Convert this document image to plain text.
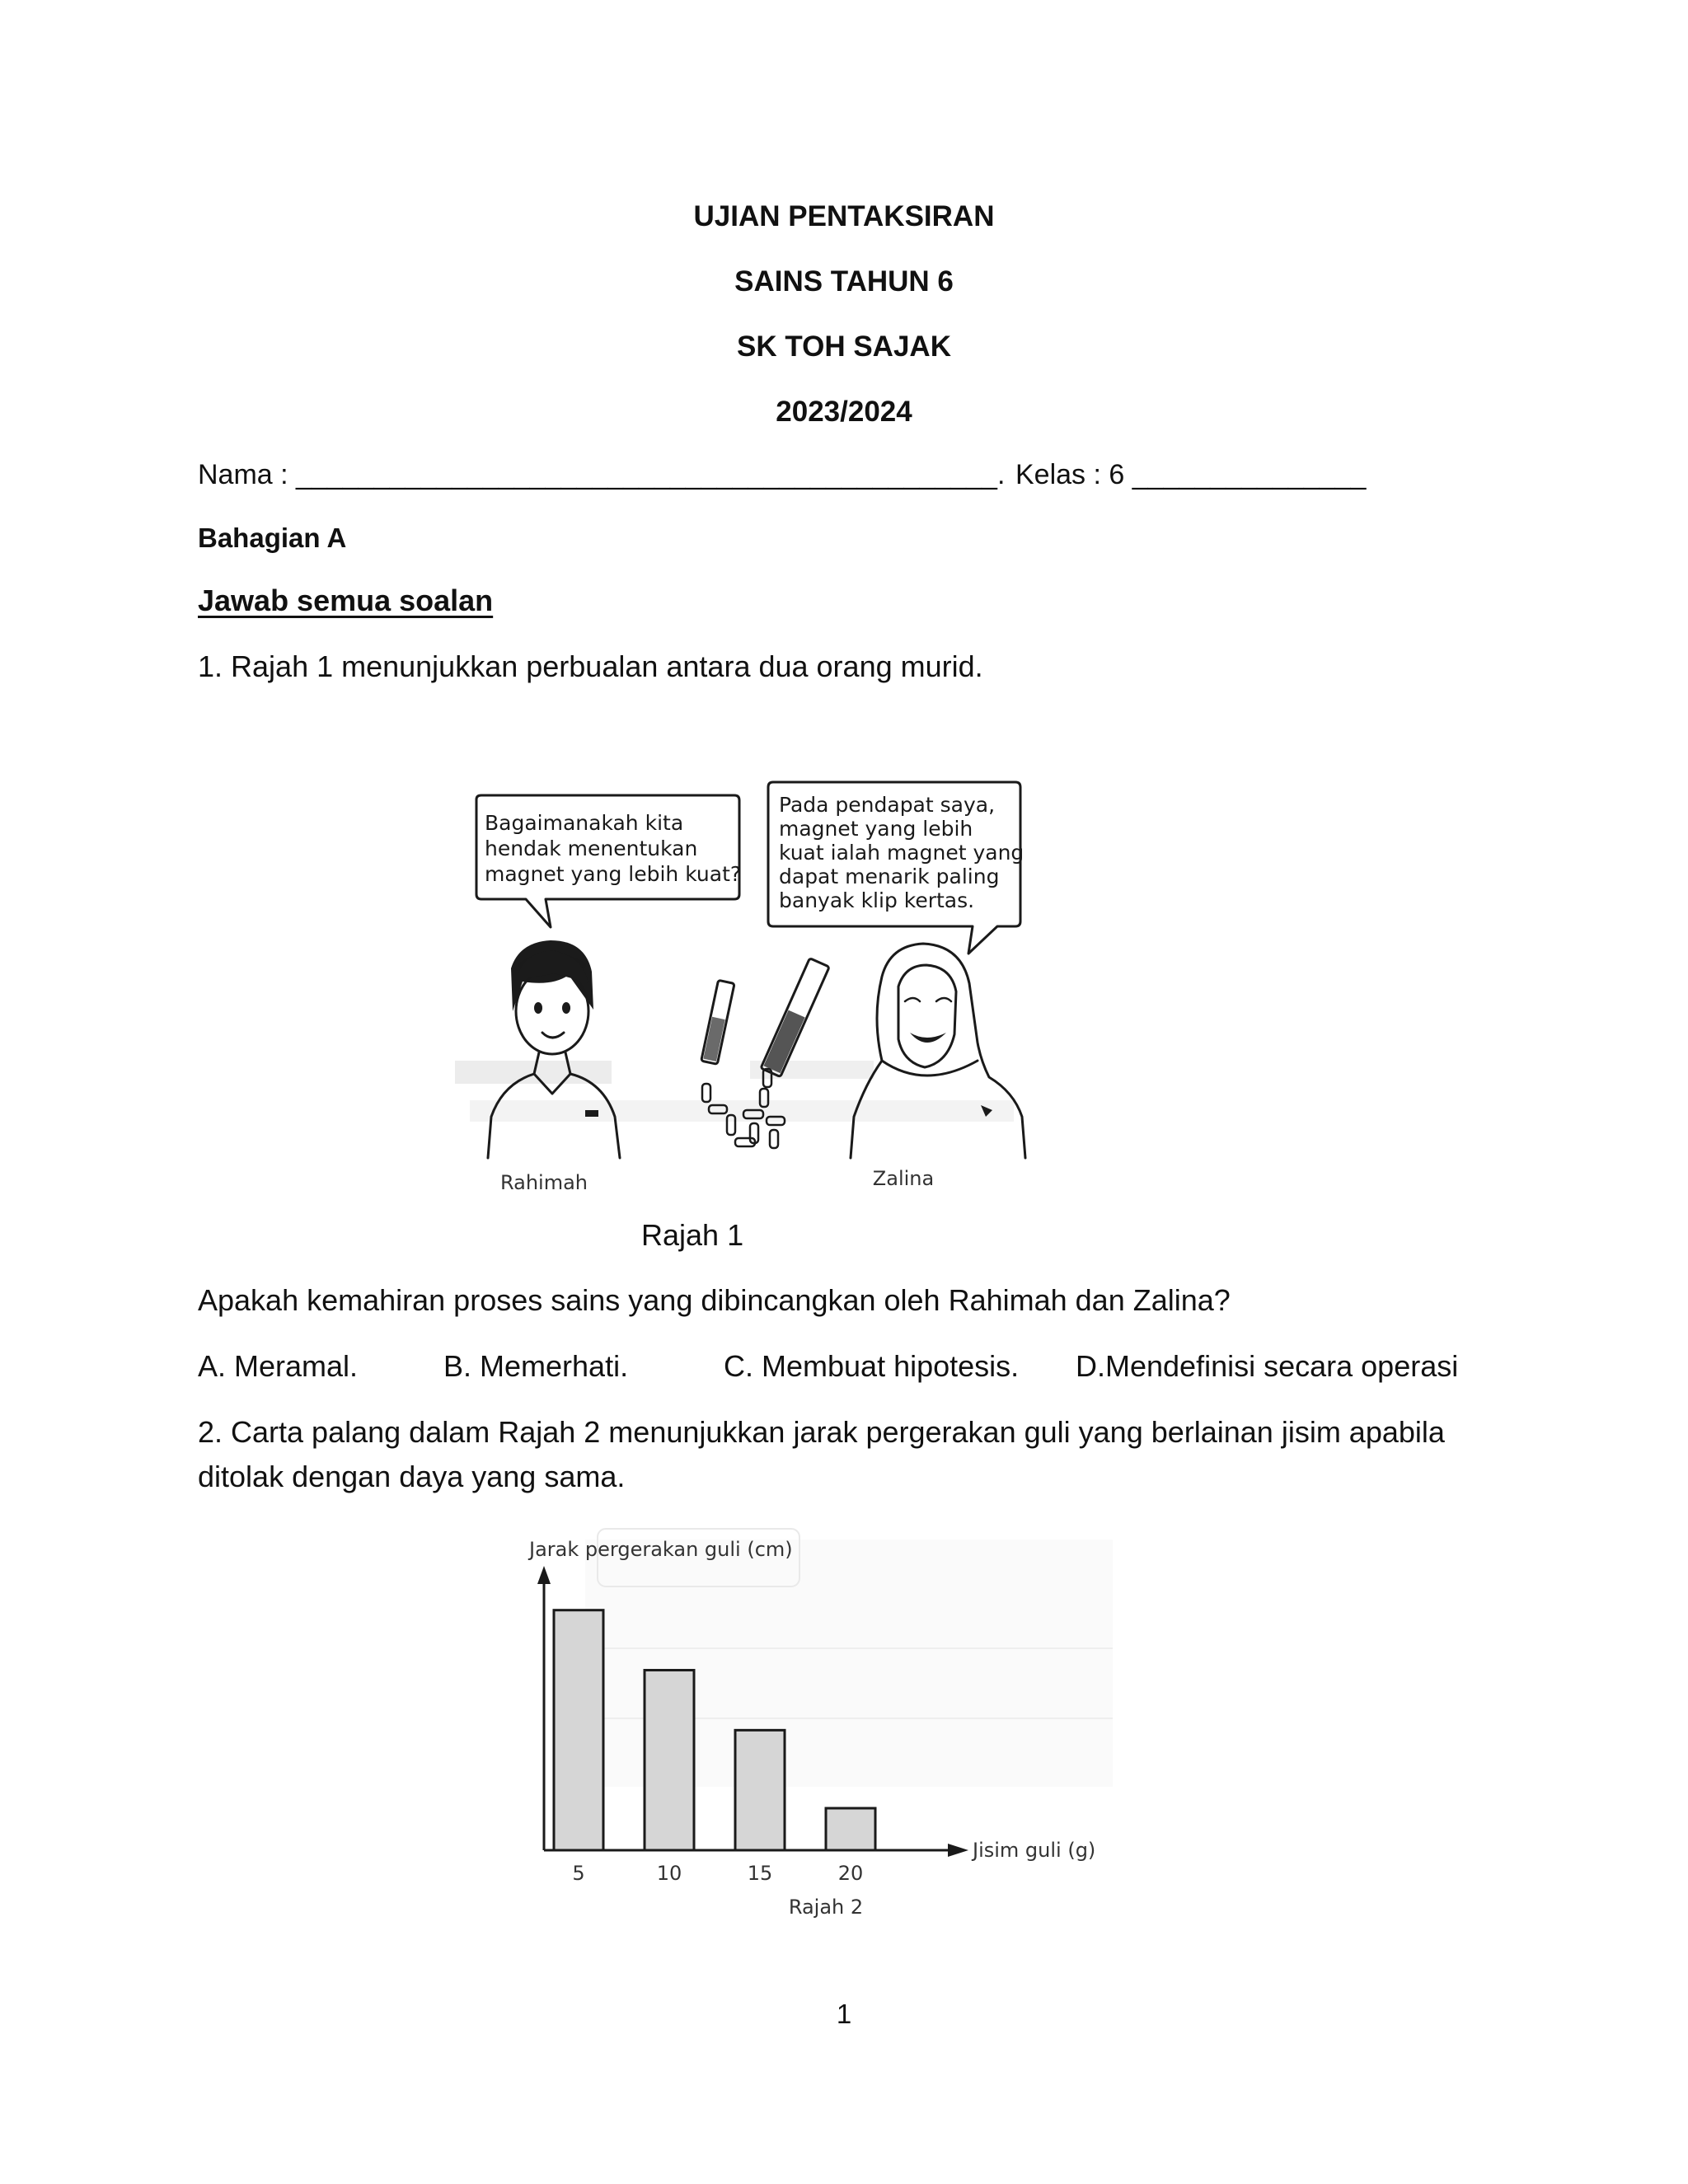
UJIAN PENTAKSIRAN
SAINS TAHUN 6
SK TOH SAJAK
2023/2024
Nama : _____________________________________________. Kelas : 6 _______________
Bahagian A
Jawab semua soalan
1. Rajah 1 menunjukkan perbualan antara dua orang murid.
Bagaimanakah kita
hendak menentukan
magnet yang lebih kuat?
Pada pendapat saya,
magnet yang lebih
kuat ialah magnet yang
dapat menarik paling
banyak klip kertas.
Rahimah	Zalina
Rajah 1
Apakah kemahiran proses sains yang dibincangkan oleh Rahimah dan Zalina?
A. Meramal.	B. Memerhati.	C. Membuat hipotesis. D.Mendefinisi secara operasi
2. Carta palang dalam Rajah 2 menunjukkan jarak pergerakan guli yang berlainan jisim apabila
ditolak dengan daya yang sama.
Jarak pergerakan guli (cm)
Jisim guli (g)
5	10	15	20
Rajah 2
1
